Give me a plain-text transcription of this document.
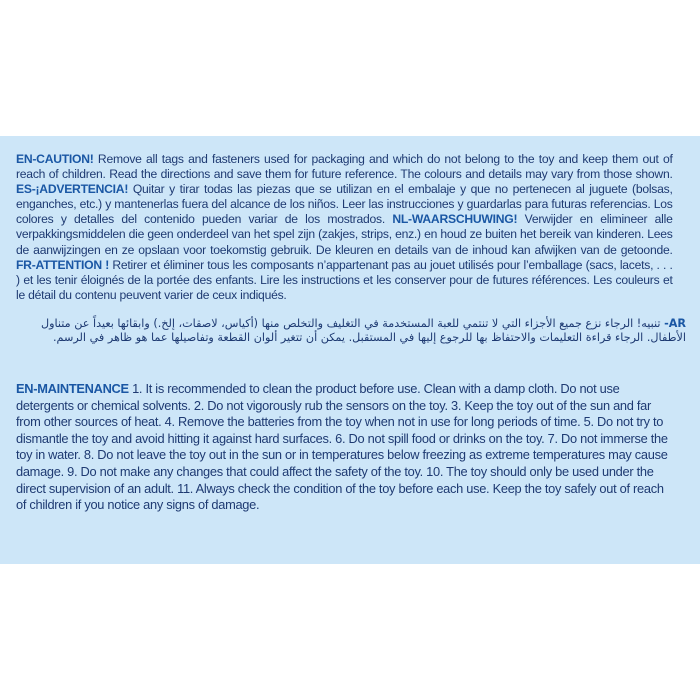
EN-CAUTION! Remove all tags and fasteners used for packaging and which do not belong to the toy and keep them out of reach of children. Read the directions and save them for future reference. The colours and details may vary from those shown. ES-¡ADVERTENCIA! Quitar y tirar todas las piezas que se utilizan en el embalaje y que no pertenecen al juguete (bolsas, enganches, etc.) y mantenerlas fuera del alcance de los niños. Leer las instrucciones y guardarlas para futuras referencias. Los colores y detalles del contenido pueden variar de los mostrados. NL-WAARSCHUWING! Verwijder en elimineer alle verpakkingsmiddelen die geen onderdeel van het spel zijn (zakjes, strips, enz.) en houd ze buiten het bereik van kinderen. Lees de aanwijzingen en ze opslaan voor toekomstig gebruik. De kleuren en details van de inhoud kan afwijken van de getoonde. FR-ATTENTION ! Retirer et éliminer tous les composants n’appartenant pas au jouet utilisés pour l’emballage (sacs, lacets, . . . ) et les tenir éloignés de la portée des enfants. Lire les instructions et les conserver pour de futures références. Les couleurs et le détail du contenu peuvent varier de ceux indiqués.

AR- تنبيه! الرجاء نزع جميع الأجزاء التي لا تنتمي للعبة المستخدمة في التغليف والتخلص منها (أكياس، لاصقات، إلخ.) وابقائها بعيداً عن متناول الأطفال. الرجاء قراءة التعليمات والاحتفاظ بها للرجوع إليها في المستقبل. يمكن أن تتغير ألوان القطعة وتفاصيلها عما هو ظاهر في الرسم.

EN-MAINTENANCE 1. It is recommended to clean the product before use. Clean with a damp cloth. Do not use detergents or chemical solvents. 2. Do not vigorously rub the sensors on the toy. 3. Keep the toy out of the sun and far from other sources of heat. 4. Remove the batteries from the toy when not in use for long periods of time. 5. Do not try to dismantle the toy and avoid hitting it against hard surfaces. 6. Do not spill food or drinks on the toy. 7. Do not immerse the toy in water. 8. Do not leave the toy out in the sun or in temperatures below freezing as extreme temperatures may cause damage. 9. Do not make any changes that could affect the safety of the toy. 10. The toy should only be used under the direct supervision of an adult. 11. Always check the condition of the toy before each use. Keep the toy safely out of reach of children if you notice any signs of damage.
